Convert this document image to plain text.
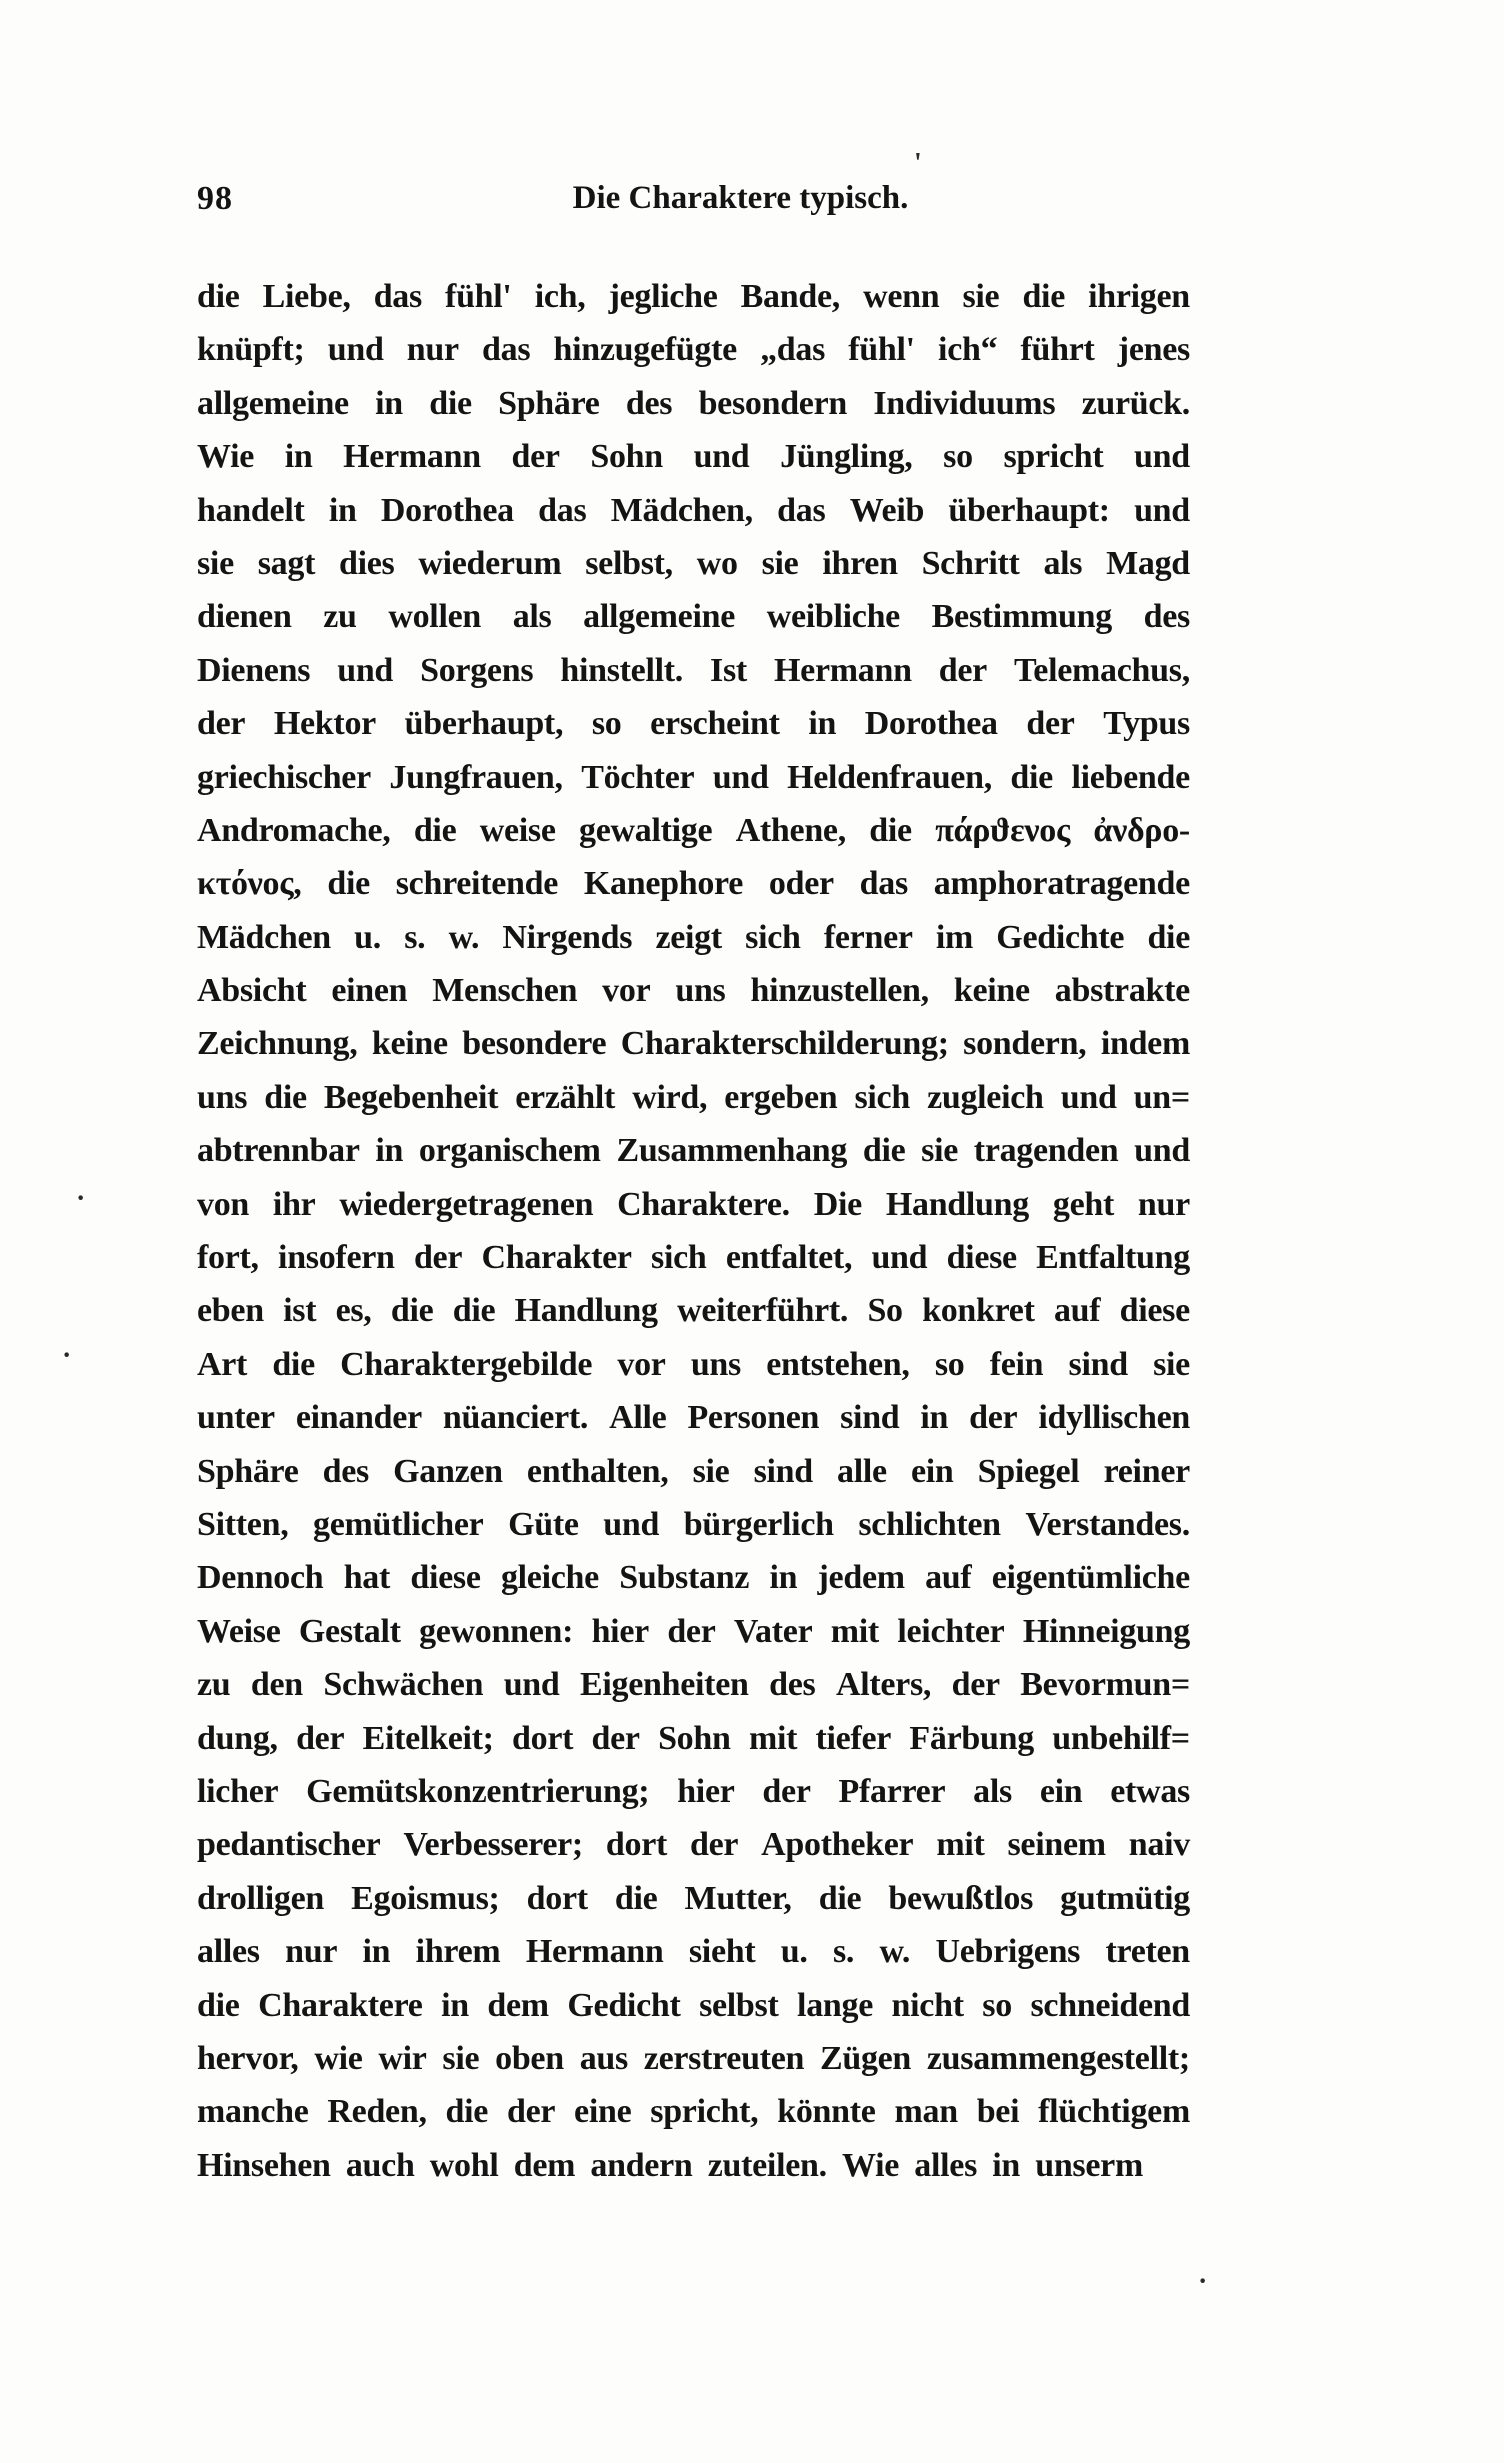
98	Die Charaktere typisch.
die Liebe, das fühl' ich, jegliche Bande, wenn sie die ihrigen
knüpft; und nur das hinzugefügte „das fühl' ich“ führt jenes
allgemeine in die Sphäre des besondern Individuums zurück.
Wie in Hermann der Sohn und Jüngling, so spricht und
handelt in Dorothea das Mädchen, das Weib überhaupt: und
sie sagt dies wiederum selbst, wo sie ihren Schritt als Magd
dienen zu wollen als allgemeine weibliche Bestimmung des
Dienens und Sorgens hinstellt. Ist Hermann der Telemachus,
der Hektor überhaupt, so erscheint in Dorothea der Typus
griechischer Jungfrauen, Töchter und Heldenfrauen, die liebende
Andromache, die weise gewaltige Athene, die πάρϑενος ἀνδρο-
κτόνος, die schreitende Kanephore oder das amphoratragende
Mädchen u. s. w. Nirgends zeigt sich ferner im Gedichte die
Absicht einen Menschen vor uns hinzustellen, keine abstrakte
Zeichnung, keine besondere Charakterschilderung; sondern, indem
uns die Begebenheit erzählt wird, ergeben sich zugleich und un=
abtrennbar in organischem Zusammenhang die sie tragenden und
von ihr wiedergetragenen Charaktere. Die Handlung geht nur
fort, insofern der Charakter sich entfaltet, und diese Entfaltung
eben ist es, die die Handlung weiterführt. So konkret auf diese
Art die Charaktergebilde vor uns entstehen, so fein sind sie
unter einander nüanciert. Alle Personen sind in der idyllischen
Sphäre des Ganzen enthalten, sie sind alle ein Spiegel reiner
Sitten, gemütlicher Güte und bürgerlich schlichten Verstandes.
Dennoch hat diese gleiche Substanz in jedem auf eigentümliche
Weise Gestalt gewonnen: hier der Vater mit leichter Hinneigung
zu den Schwächen und Eigenheiten des Alters, der Bevormun=
dung, der Eitelkeit; dort der Sohn mit tiefer Färbung unbehilf=
licher Gemütskonzentrierung; hier der Pfarrer als ein etwas
pedantischer Verbesserer; dort der Apotheker mit seinem naiv
drolligen Egoismus; dort die Mutter, die bewußtlos gutmütig
alles nur in ihrem Hermann sieht u. s. w. Uebrigens treten
die Charaktere in dem Gedicht selbst lange nicht so schneidend
hervor, wie wir sie oben aus zerstreuten Zügen zusammengestellt;
manche Reden, die der eine spricht, könnte man bei flüchtigem
Hinsehen auch wohl dem andern zuteilen. Wie alles in unserm
'
·
·
·
